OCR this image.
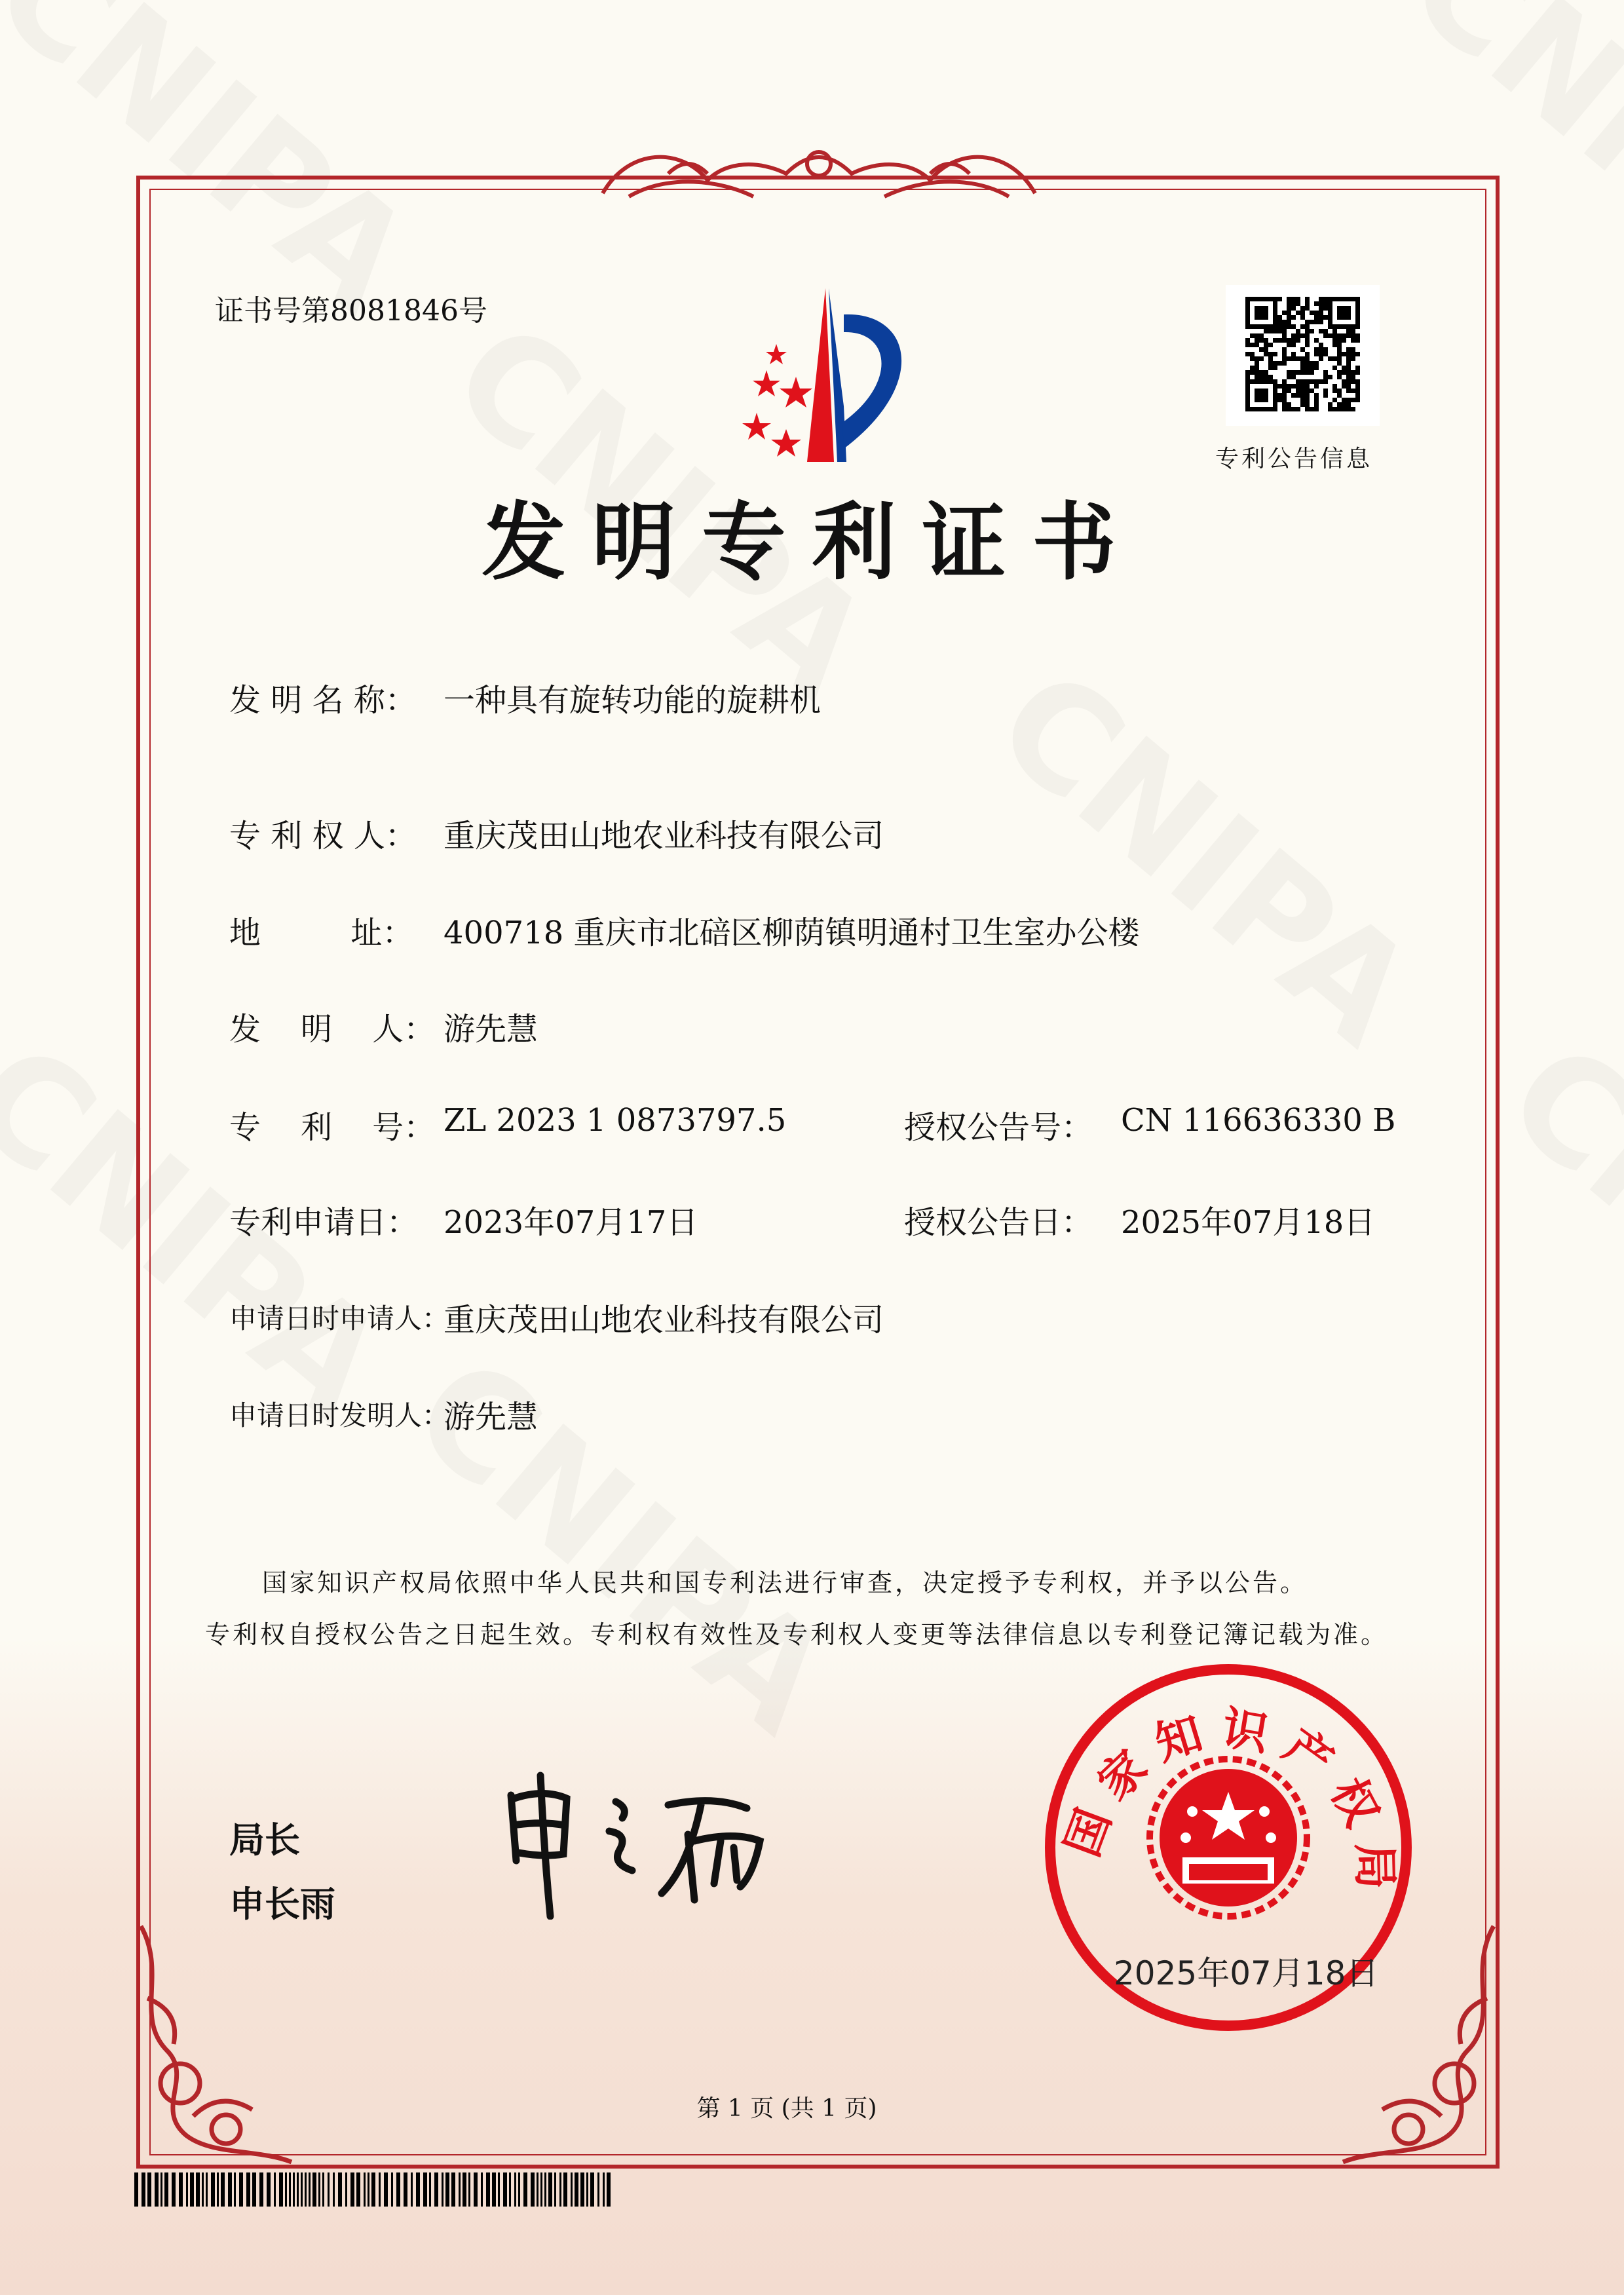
证书号第8081846号
专利公告信息
发明专利证书
发 明 名 称： 一种具有旋转功能的旋耕机
专 利 权 人： 重庆茂田山地农业科技有限公司
地         址： 400718 重庆市北碚区柳荫镇明通村卫生室办公楼
发    明    人： 游先慧
专    利    号： ZL 2023 1 0873797.5	授权公告号： CN 116636330 B
专利申请日： 2023年07月17日	授权公告日： 2025年07月18日
申请日时申请人：
重庆茂田山地农业科技有限公司
申请日时发明人：
游先慧
国家知识产权局依照中华人民共和国专利法进行审查，决定授予专利权，并予以公告。
专利权自授权公告之日起生效。专利权有效性及专利权人变更等法律信息以专利登记簿记载为准。
局长
申长雨
国家知识产权局
2025年07月18日
第 1 页 (共 1 页)
